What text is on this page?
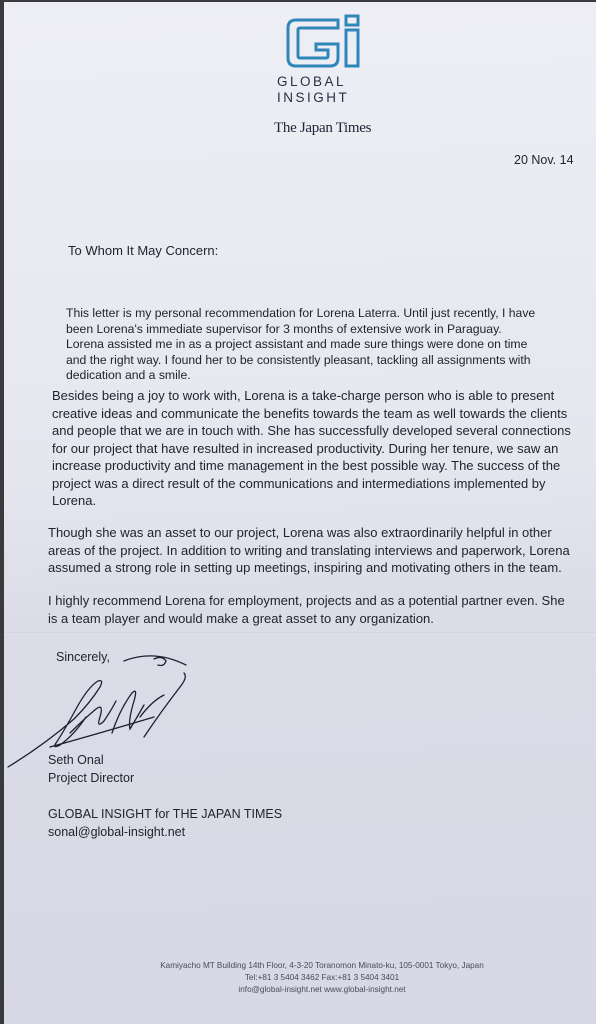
GLOBAL
INSIGHT
The Japan Times
20 Nov. 14
To Whom It May Concern:
This letter is my personal recommendation for Lorena Laterra. Until just recently, I have been Lorena's immediate supervisor for 3 months of extensive work in Paraguay. Lorena assisted me in as a project assistant and made sure things were done on time and the right way. I found her to be consistently pleasant, tackling all assignments with dedication and a smile.
Besides being a joy to work with, Lorena is a take-charge person who is able to present creative ideas and communicate the benefits towards the team as well towards the clients and people that we are in touch with. She has successfully developed several connections for our project that have resulted in increased productivity. During her tenure, we saw an increase productivity and time management in the best possible way. The success of the project was a direct result of the communications and intermediations implemented by Lorena.
Though she was an asset to our project, Lorena was also extraordinarily helpful in other areas of the project. In addition to writing and translating interviews and paperwork, Lorena assumed a strong role in setting up meetings, inspiring and motivating others in the team.
I highly recommend Lorena for employment, projects and as a potential partner even. She is a team player and would make a great asset to any organization.
Sincerely,
Seth Onal
Project Director
GLOBAL INSIGHT for THE JAPAN TIMES
sonal@global-insight.net
Kamiyacho MT Building 14th Floor, 4-3-20 Toranomon Minato-ku, 105-0001 Tokyo, Japan
Tel:+81 3 5404 3462 Fax:+81 3 5404 3401
info@global-insight.net www.global-insight.net
